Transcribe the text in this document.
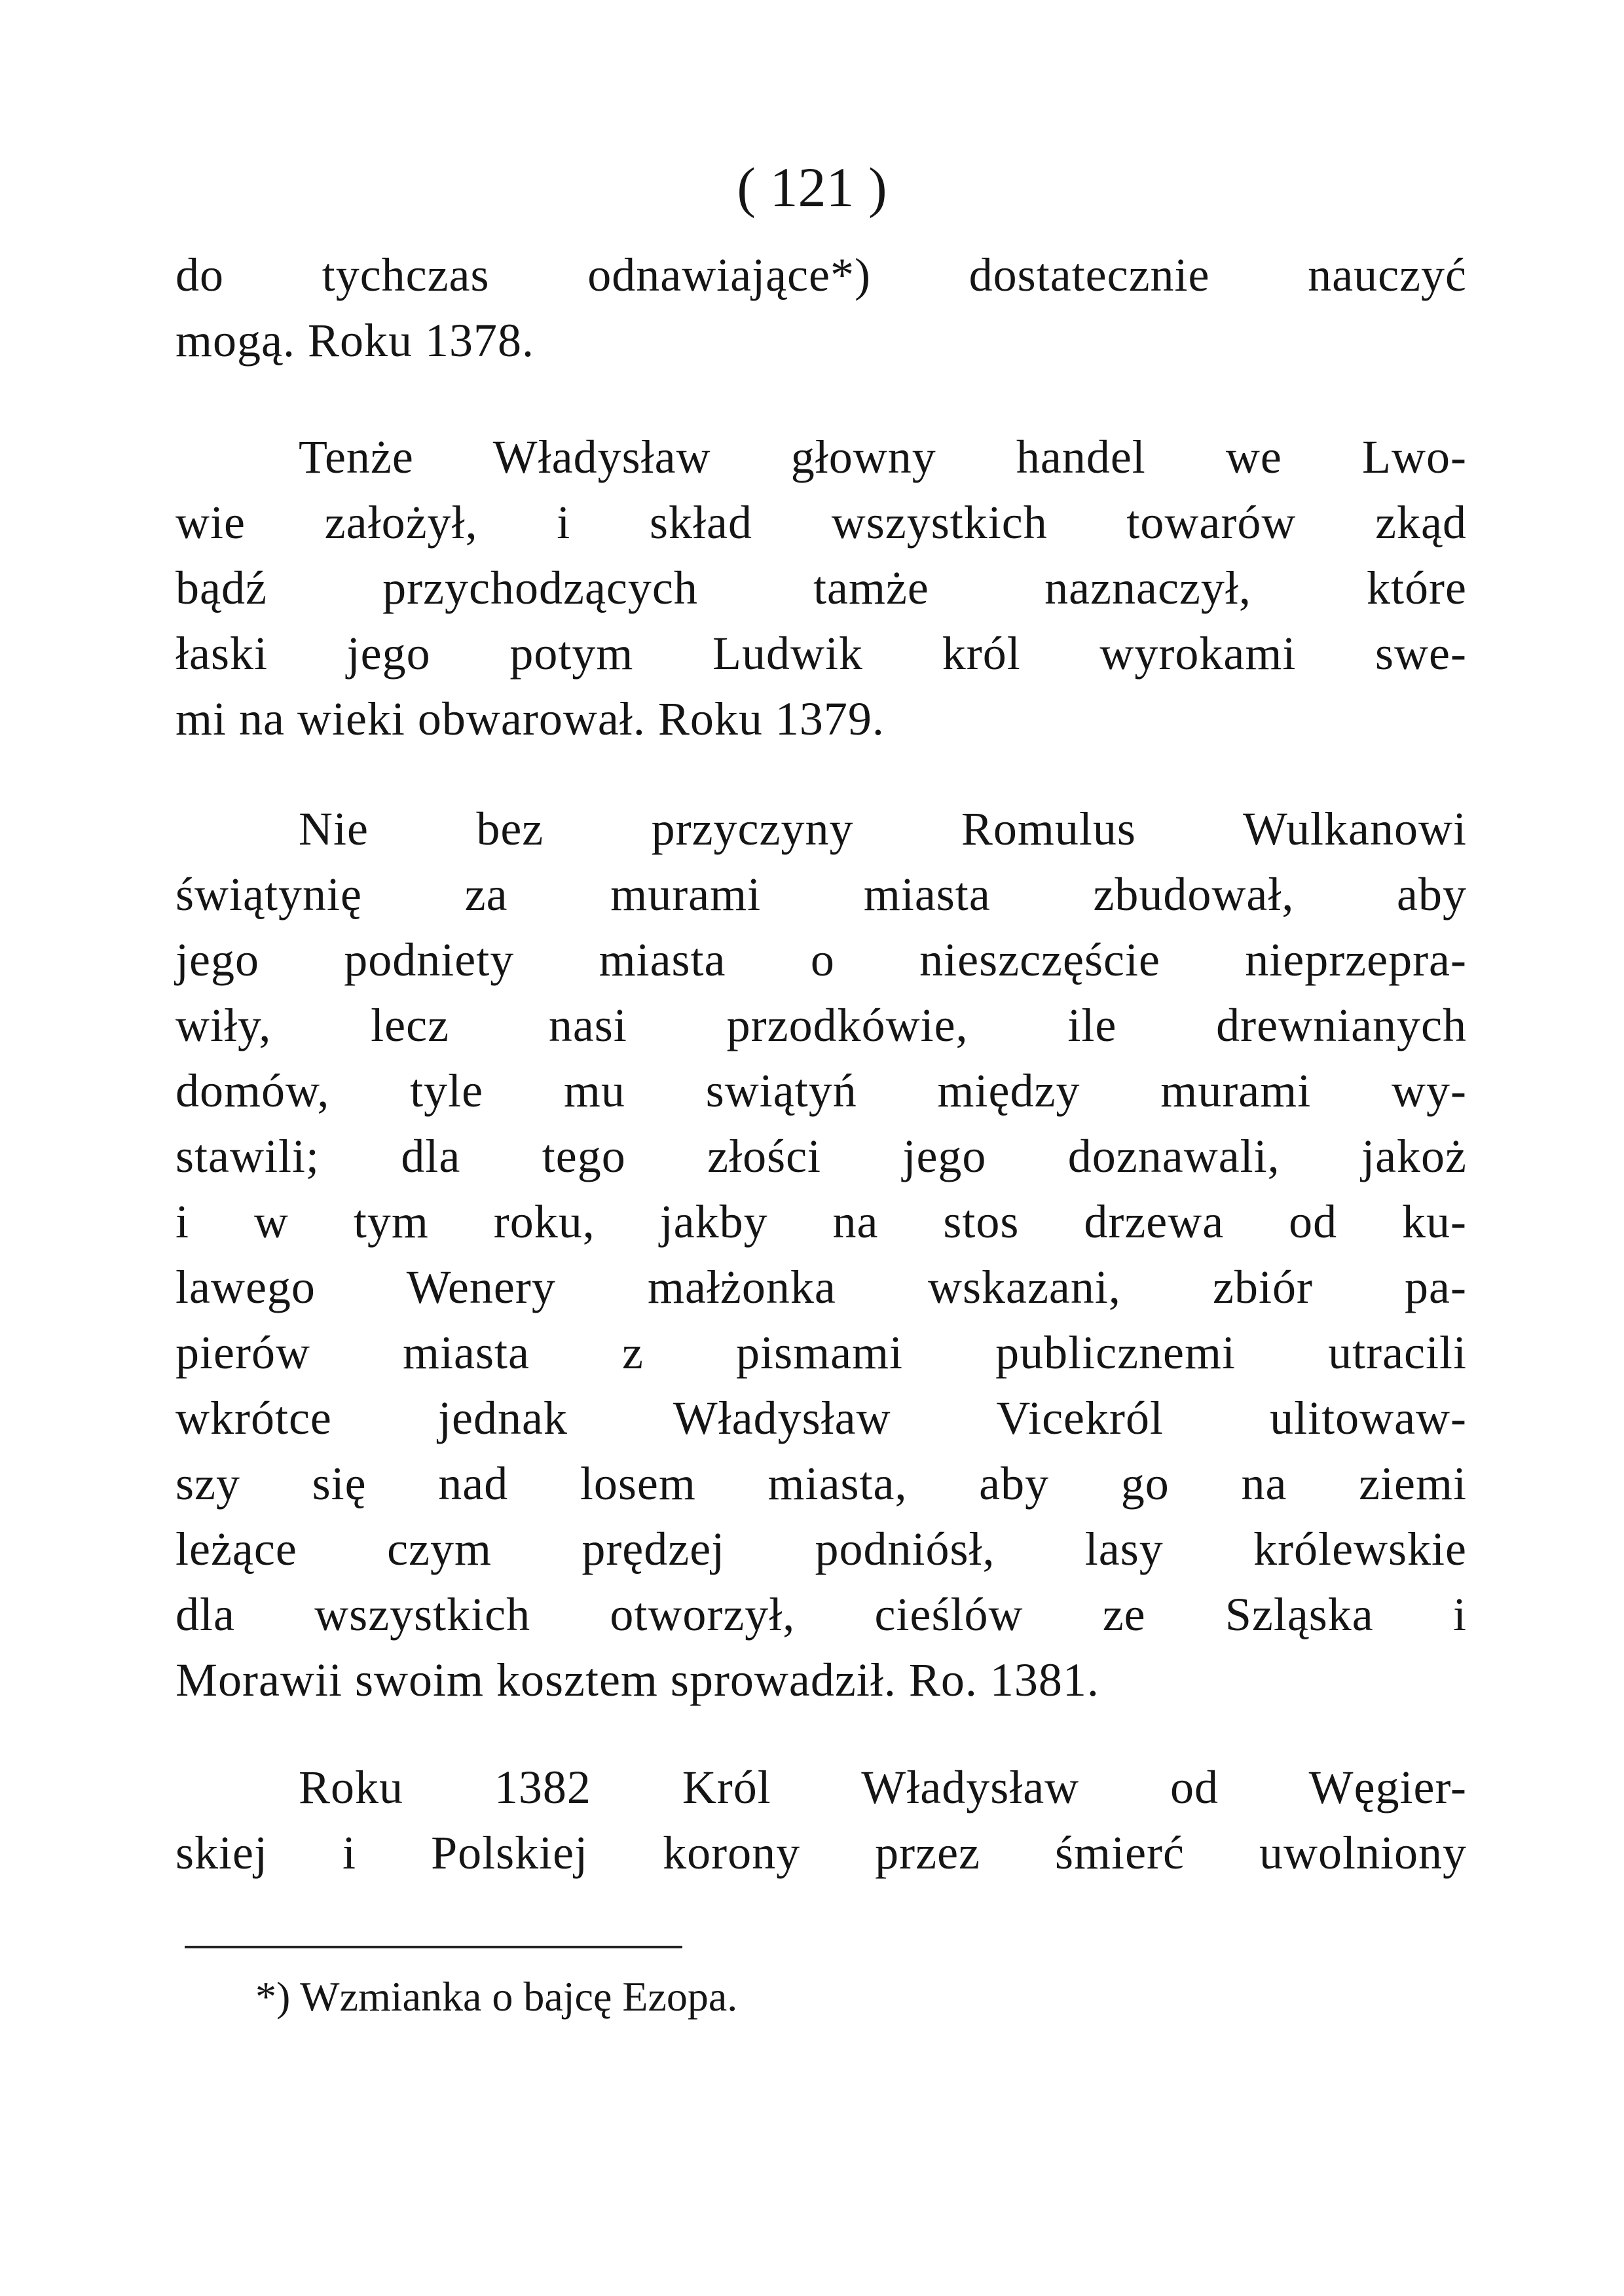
( 121 )
do tychczas odnawiające*) dostatecznie nauczyć
mogą. Roku 1378.
Tenże Władysław głowny handel we Lwo-
wie założył, i skład wszystkich towarów zkąd
bądź przychodzących tamże naznaczył, które
łaski jego potym Ludwik król wyrokami swe-
mi na wieki obwarował. Roku 1379.
Nie bez przyczyny Romulus Wulkanowi
świątynię za murami miasta zbudował, aby
jego podniety miasta o nieszczęście nieprzepra-
wiły, lecz nasi przodkówie, ile drewnianych
domów, tyle mu swiątyń między murami wy-
stawili; dla tego złości jego doznawali, jakoż
i w tym roku, jakby na stos drzewa od ku-
lawego Wenery małżonka wskazani, zbiór pa-
pierów miasta z pismami publicznemi utracili
wkrótce jednak Władysław Vicekról ulitowaw-
szy się nad losem miasta, aby go na ziemi
leżące czym prędzej podniósł, lasy królewskie
dla wszystkich otworzył, cieślów ze Szląska i
Morawii swoim kosztem sprowadził. Ro. 1381.
Roku 1382 Król Władysław od Węgier-
skiej i Polskiej korony przez śmierć uwolniony
*) Wzmianka o bajcę Ezopa.
